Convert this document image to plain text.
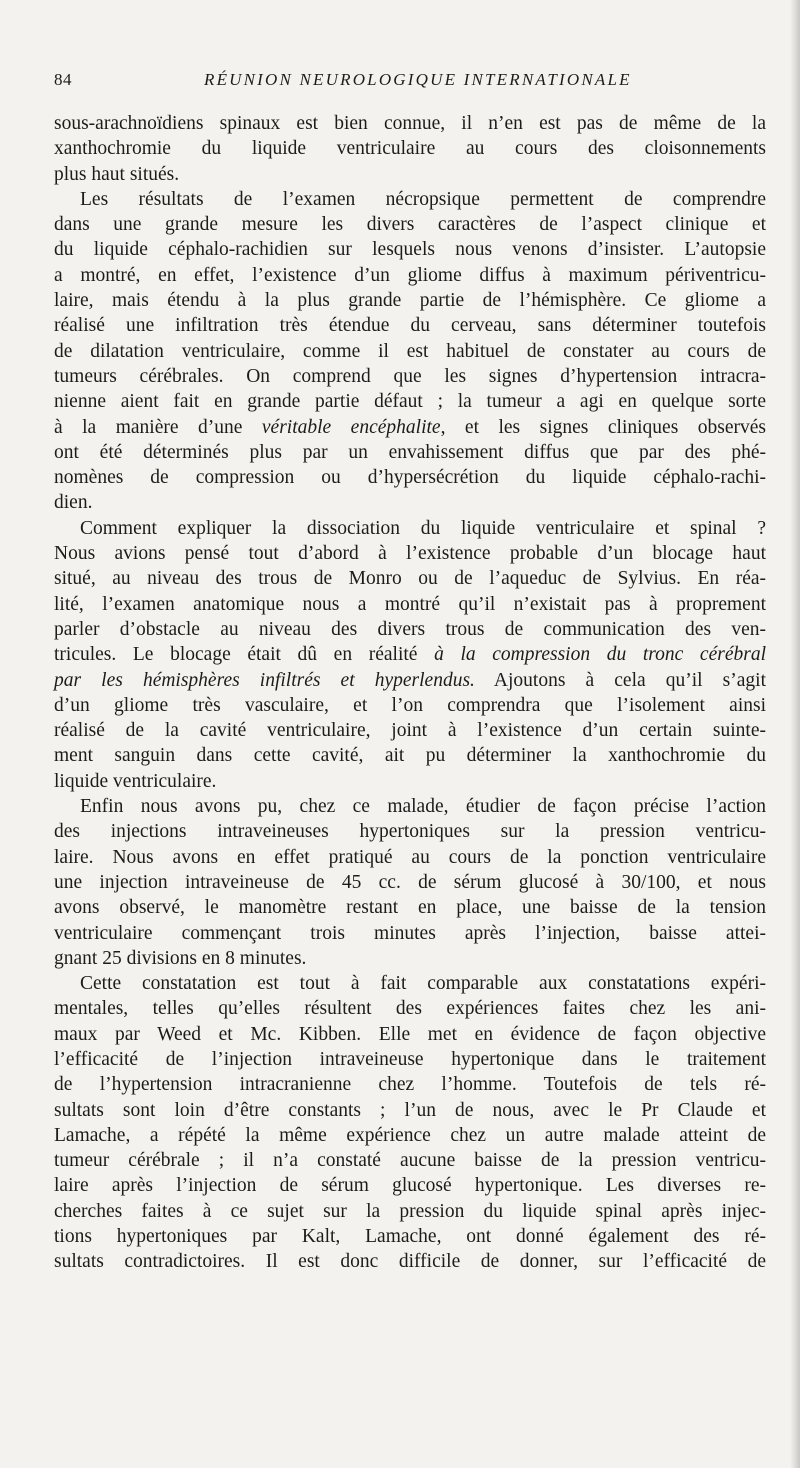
84	RÉUNION NEUROLOGIQUE INTERNATIONALE
sous-arachnoïdiens spinaux est bien connue, il n’en est pas de même de la
xanthochromie du liquide ventriculaire au cours des cloisonnements
plus haut situés.
Les résultats de l’examen nécropsique permettent de comprendre
dans une grande mesure les divers caractères de l’aspect clinique et
du liquide céphalo-rachidien sur lesquels nous venons d’insister. L’autopsie
a montré, en effet, l’existence d’un gliome diffus à maximum périventricu-
laire, mais étendu à la plus grande partie de l’hémisphère. Ce gliome a
réalisé une infiltration très étendue du cerveau, sans déterminer toutefois
de dilatation ventriculaire, comme il est habituel de constater au cours de
tumeurs cérébrales. On comprend que les signes d’hypertension intracra-
nienne aient fait en grande partie défaut ; la tumeur a agi en quelque sorte
à la manière d’une véritable encéphalite, et les signes cliniques observés
ont été déterminés plus par un envahissement diffus que par des phé-
nomènes de compression ou d’hypersécrétion du liquide céphalo-rachi-
dien.
Comment expliquer la dissociation du liquide ventriculaire et spinal ?
Nous avions pensé tout d’abord à l’existence probable d’un blocage haut
situé, au niveau des trous de Monro ou de l’aqueduc de Sylvius. En réa-
lité, l’examen anatomique nous a montré qu’il n’existait pas à proprement
parler d’obstacle au niveau des divers trous de communication des ven-
tricules. Le blocage était dû en réalité à la compression du tronc cérébral
par les hémisphères infiltrés et hyperlendus. Ajoutons à cela qu’il s’agit
d’un gliome très vasculaire, et l’on comprendra que l’isolement ainsi
réalisé de la cavité ventriculaire, joint à l’existence d’un certain suinte-
ment sanguin dans cette cavité, ait pu déterminer la xanthochromie du
liquide ventriculaire.
Enfin nous avons pu, chez ce malade, étudier de façon précise l’action
des injections intraveineuses hypertoniques sur la pression ventricu-
laire. Nous avons en effet pratiqué au cours de la ponction ventriculaire
une injection intraveineuse de 45 cc. de sérum glucosé à 30/100, et nous
avons observé, le manomètre restant en place, une baisse de la tension
ventriculaire commençant trois minutes après l’injection, baisse attei-
gnant 25 divisions en 8 minutes.
Cette constatation est tout à fait comparable aux constatations expéri-
mentales, telles qu’elles résultent des expériences faites chez les ani-
maux par Weed et Mc. Kibben. Elle met en évidence de façon objective
l’efficacité de l’injection intraveineuse hypertonique dans le traitement
de l’hypertension intracranienne chez l’homme. Toutefois de tels ré-
sultats sont loin d’être constants ; l’un de nous, avec le Pr Claude et
Lamache, a répété la même expérience chez un autre malade atteint de
tumeur cérébrale ; il n’a constaté aucune baisse de la pression ventricu-
laire après l’injection de sérum glucosé hypertonique. Les diverses re-
cherches faites à ce sujet sur la pression du liquide spinal après injec-
tions hypertoniques par Kalt, Lamache, ont donné également des ré-
sultats contradictoires. Il est donc difficile de donner, sur l’efficacité de
